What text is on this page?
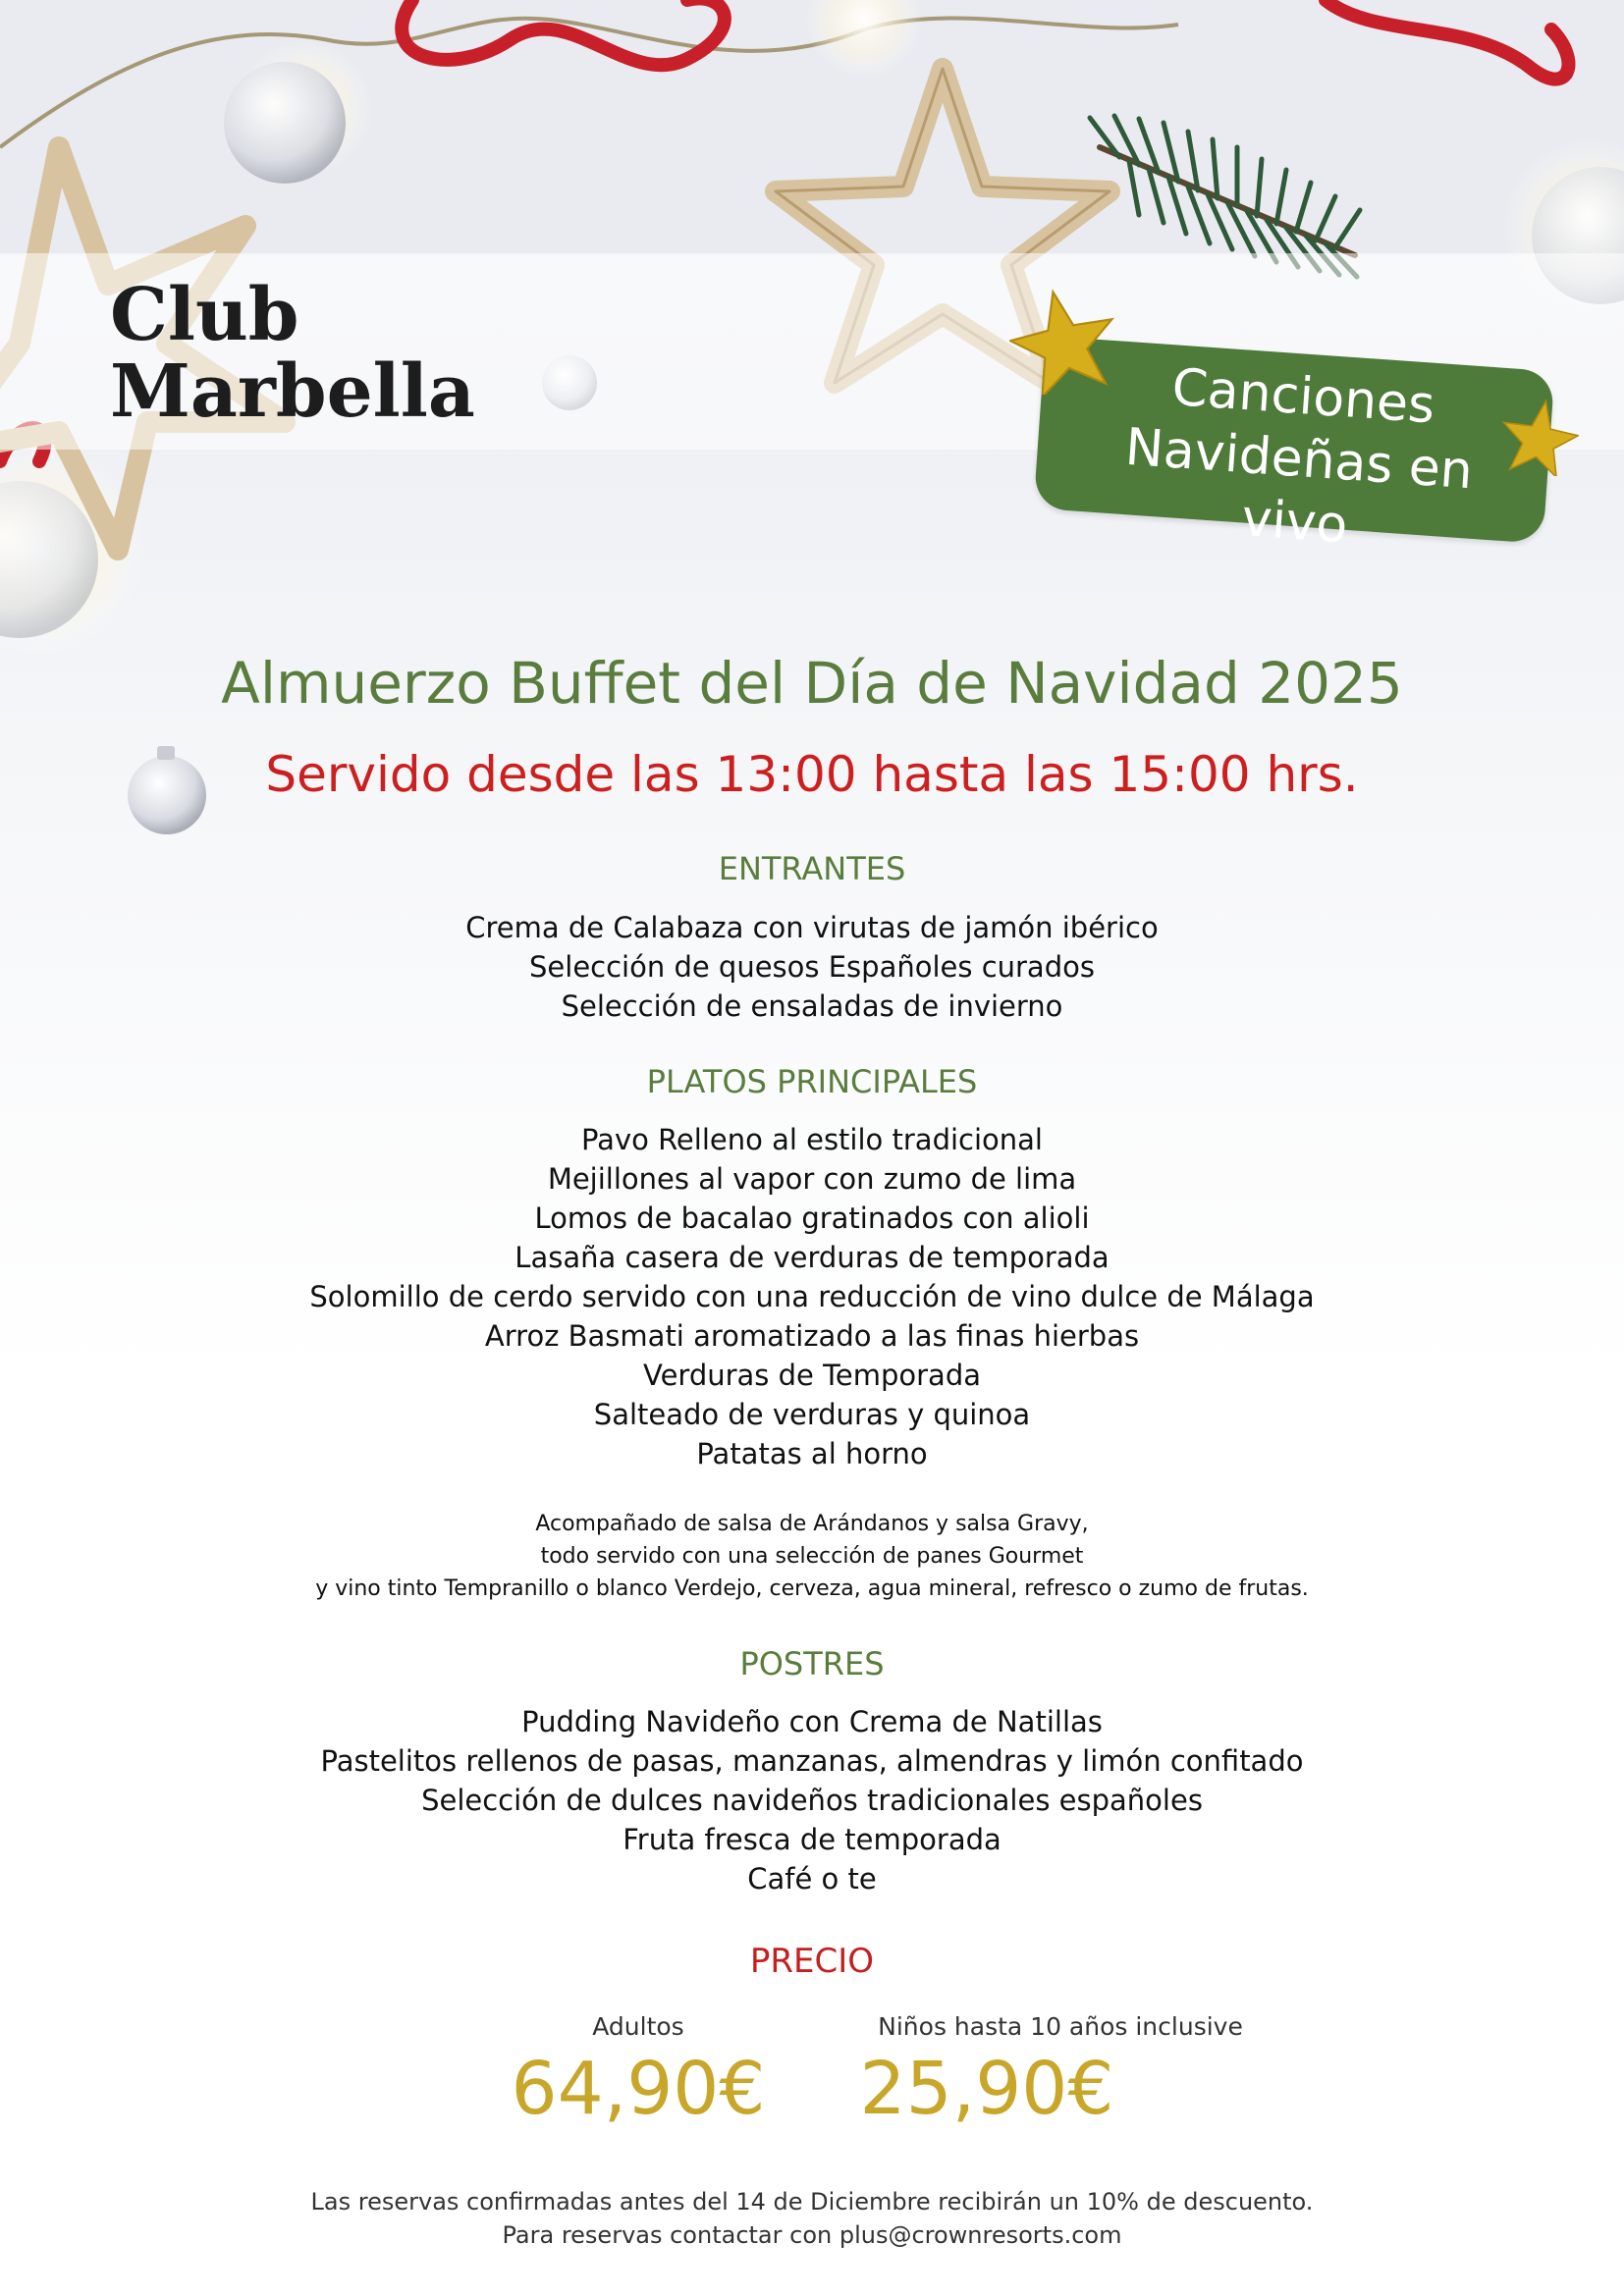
Club
Marbella	Canciones
Navideñas en vivo
Almuerzo Buffet del Día de Navidad 2025
Servido desde las 13:00 hasta las 15:00 hrs.
ENTRANTES
Crema de Calabaza con virutas de jamón ibérico
Selección de quesos Españoles curados
Selección de ensaladas de invierno
PLATOS PRINCIPALES
Pavo Relleno al estilo tradicional
Mejillones al vapor con zumo de lima
Lomos de bacalao gratinados con alioli
Lasaña casera de verduras de temporada
Solomillo de cerdo servido con una reducción de vino dulce de Málaga
Arroz Basmati aromatizado a las finas hierbas
Verduras de Temporada
Salteado de verduras y quinoa
Patatas al horno
Acompañado de salsa de Arándanos y salsa Gravy,
todo servido con una selección de panes Gourmet
y vino tinto Tempranillo o blanco Verdejo, cerveza, agua mineral, refresco o zumo de frutas.
POSTRES
Pudding Navideño con Crema de Natillas
Pastelitos rellenos de pasas, manzanas, almendras y limón confitado
Selección de dulces navideños tradicionales españoles
Fruta fresca de temporada
Café o te
PRECIO
Adultos	Niños hasta 10 años inclusive
64,90€	25,90€
Las reservas confirmadas antes del 14 de Diciembre recibirán un 10% de descuento.
Para reservas contactar con plus@crownresorts.com
